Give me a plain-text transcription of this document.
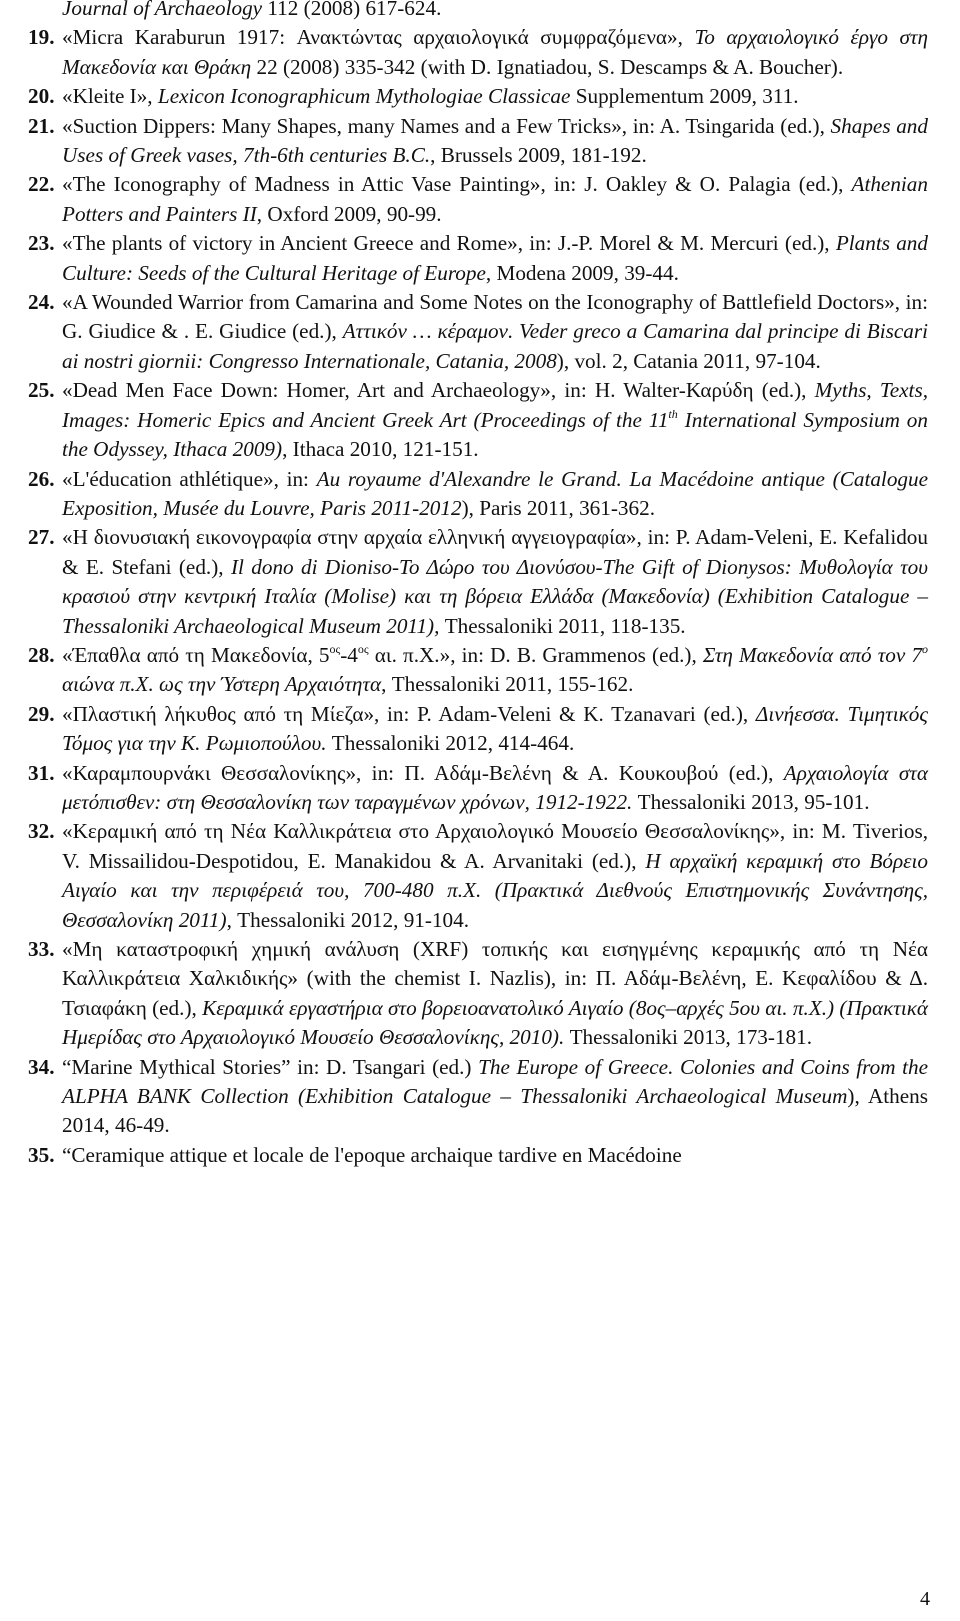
Journal of Archaeology 112 (2008) 617-624.
19. «Micra Karaburun 1917: Ανακτώντας αρχαιολογικά συμφραζόμενα», Το αρχαιολογικό έργο στη Μακεδονία και Θράκη 22 (2008) 335-342 (with D. Ignatiadou, S. Descamps & A. Boucher).
20. «Kleite I», Lexicon Iconographicum Mythologiae Classicae Supplementum 2009, 311.
21. «Suction Dippers: Many Shapes, many Names and a Few Tricks», in: A. Tsingarida (ed.), Shapes and Uses of Greek vases, 7th-6th centuries B.C., Brussels 2009, 181-192.
22. «The Iconography of Madness in Attic Vase Painting», in: J. Oakley & O. Palagia (ed.), Athenian Potters and Painters II, Oxford 2009, 90-99.
23. «The plants of victory in Ancient Greece and Rome», in: J.-P. Morel & M. Mercuri (ed.), Plants and Culture: Seeds of the Cultural Heritage of Europe, Modena 2009, 39-44.
24. «A Wounded Warrior from Camarina and Some Notes on the Iconography of Battlefield Doctors», in: G. Giudice & . E. Giudice (ed.), Αττικόν … κέραμον. Veder greco a Camarina dal principe di Biscari ai nostri giornii: Congresso Internationale, Catania, 2008), vol. 2, Catania 2011, 97-104.
25. «Dead Men Face Down: Homer, Art and Archaeology», in: H. Walter-Καρύδη (ed.), Myths, Texts, Images: Homeric Epics and Ancient Greek Art (Proceedings of the 11th International Symposium on the Odyssey, Ithaca 2009), Ithaca 2010, 121-151.
26. «L'éducation athlétique», in: Au royaume d'Alexandre le Grand. La Macédoine antique (Catalogue Exposition, Musée du Louvre, Paris 2011-2012), Paris 2011, 361-362.
27. «Η διονυσιακή εικονογραφία στην αρχαία ελληνική αγγειογραφία», in: P. Adam-Veleni, E. Kefalidou & E. Stefani (ed.), Il dono di Dioniso-Το Δώρο του Διονύσου-The Gift of Dionysos: Μυθολογία του κρασιού στην κεντρική Ιταλία (Molise) και τη βόρεια Ελλάδα (Μακεδονία) (Exhibition Catalogue – Thessaloniki Archaeological Museum 2011), Thessaloniki 2011, 118-135.
28. «Έπαθλα από τη Μακεδονία, $5^{o\varsigma}-4^{o\varsigma}$ αι. π.Χ.», in: D. B. Grammenos (ed.), Στη Μακεδονία από τον $7^o$ αιώνα π.Χ. ως την Ύστερη Αρχαιότητα, Thessaloniki 2011, 155-162.
29. «Πλαστική λήκυθος από τη Μίεζα», in: P. Adam-Veleni & K. Tzanavari (ed.), Δινήεσσα. Τιμητικός Τόμος για την Κ. Ρωμιοπούλου. Thessaloniki 2012, 414-464.
31. «Καραμπουρνάκι Θεσσαλονίκης», in: Π. Αδάμ-Βελένη & Α. Κουκουβού (ed.), Αρχαιολογία στα μετόπισθεν: στη Θεσσαλονίκη των ταραγμένων χρόνων, 1912-1922. Thessaloniki 2013, 95-101.
32. «Κεραμική από τη Νέα Καλλικράτεια στο Αρχαιολογικό Μουσείο Θεσσαλονίκης», in: M. Tiverios, V. Missailidou-Despotidou, E. Manakidou & A. Arvanitaki (ed.), Η αρχαϊκή κεραμική στο Βόρειο Αιγαίο και την περιφέρειά του, 700-480 π.Χ. (Πρακτικά Διεθνούς Επιστημονικής Συνάντησης, Θεσσαλονίκη 2011), Thessaloniki 2012, 91-104.
33. «Μη καταστροφική χημική ανάλυση (XRF) τοπικής και εισηγμένης κεραμικής από τη Νέα Καλλικράτεια Χαλκιδικής» (with the chemist I. Nazlis), in: Π. Αδάμ-Βελένη, Ε. Κεφαλίδου & Δ. Τσιαφάκη (ed.), Κεραμικά εργαστήρια στο βορειοανατολικό Αιγαίο (8ος–αρχές 5ου αι. π.Χ.) (Πρακτικά Ημερίδας στο Αρχαιολογικό Μουσείο Θεσσαλονίκης, 2010). Thessaloniki 2013, 173-181.
34. “Marine Mythical Stories” in: D. Tsangari (ed.) The Europe of Greece. Colonies and Coins from the ALPHA BANK Collection (Exhibition Catalogue – Thessaloniki Archaeological Museum), Athens 2014, 46-49.
35. “Ceramique attique et locale de l'epoque archaique tardive en Macédoine
4
